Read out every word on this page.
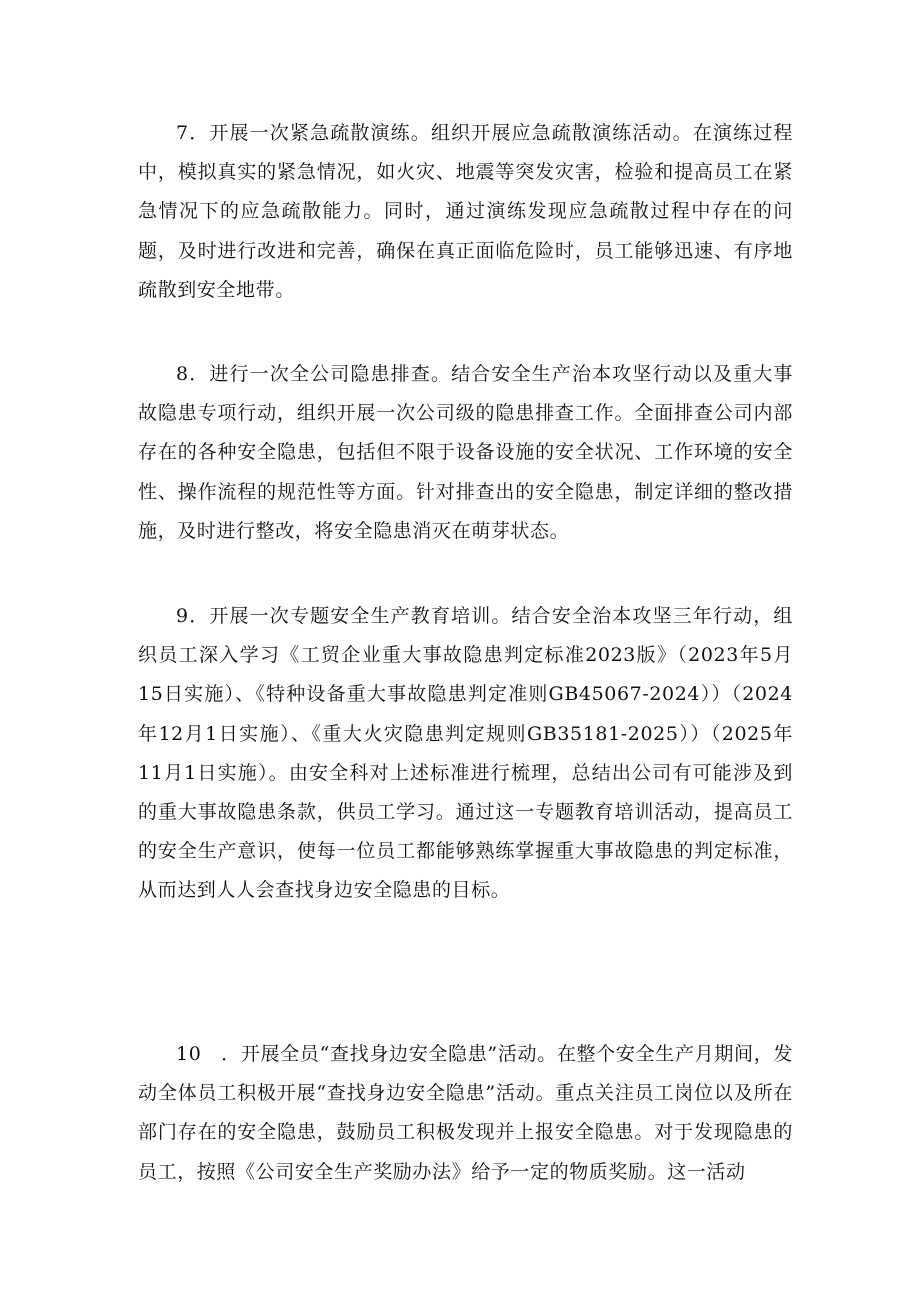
7．开展一次紧急疏散演练。组织开展应急疏散演练活动。在演练过程中，模拟真实的紧急情况，如火灾、地震等突发灾害，检验和提高员工在紧急情况下的应急疏散能力。同时，通过演练发现应急疏散过程中存在的问题，及时进行改进和完善，确保在真正面临危险时，员工能够迅速、有序地疏散到安全地带。

8．进行一次全公司隐患排查。结合安全生产治本攻坚行动以及重大事故隐患专项行动，组织开展一次公司级的隐患排查工作。全面排查公司内部存在的各种安全隐患，包括但不限于设备设施的安全状况、工作环境的安全性、操作流程的规范性等方面。针对排查出的安全隐患，制定详细的整改措施，及时进行整改，将安全隐患消灭在萌芽状态。

9．开展一次专题安全生产教育培训。结合安全治本攻坚三年行动，组织员工深入学习《工贸企业重大事故隐患判定标准2023版》（2023年5月15日实施）、《特种设备重大事故隐患判定准则GB45067-2024））（2024年12月1日实施）、《重大火灾隐患判定规则GB35181-2025））（2025年11月1日实施）。由安全科对上述标准进行梳理，总结出公司有可能涉及到的重大事故隐患条款，供员工学习。通过这一专题教育培训活动，提高员工的安全生产意识，使每一位员工都能够熟练掌握重大事故隐患的判定标准，从而达到人人会查找身边安全隐患的目标。

10　．开展全员“查找身边安全隐患”活动。在整个安全生产月期间，发动全体员工积极开展“查找身边安全隐患”活动。重点关注员工岗位以及所在部门存在的安全隐患，鼓励员工积极发现并上报安全隐患。对于发现隐患的员工，按照《公司安全生产奖励办法》给予一定的物质奖励。这一活动
